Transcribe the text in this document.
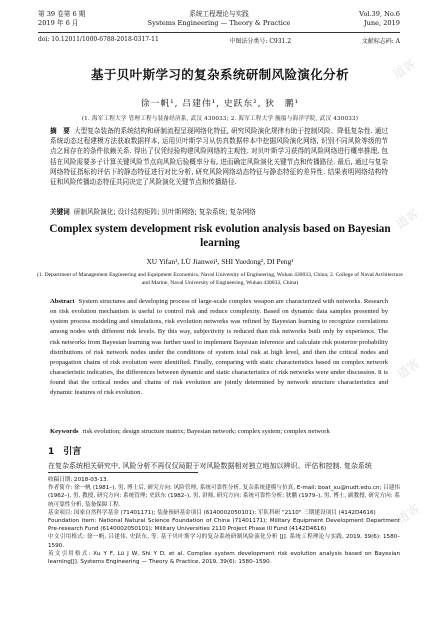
第 39 卷第 6 期	系统工程理论与实践	Vol.39, No.6
2019 年 6 月	Systems Engineering — Theory & Practice	June, 2019
doi: 10.12011/1000-6788-2018-0317-11	中图法分类号: C931.2	文献标志码: A
基于贝叶斯学习的复杂系统研制风险演化分析
徐一帆¹, 吕建伟¹, 史跃东², 狄　鹏¹
(1. 海军工程大学 管理工程与装备经济系, 武汉 430033; 2. 海军工程大学 舰船与海洋学院, 武汉 430033)
摘　要 大型复杂装备的系统结构和研制流程呈现网络化特征, 研究风险演化规律有助于控制风险、降低复杂性. 通过系统动态过程建模方法获取数据样本, 运用贝叶斯学习从仿真数据样本中挖掘风险演化网络, 识别不同风险等级的节点之间存在的条件依赖关系. 得出了仅凭经验构建风险网络的主观性. 对贝叶斯学习获得的风险网络进行概率推理, 包括在风险需要多子计算关键风险节点向风险后验概率分布, 进而确定风险演化关键节点和传播路径. 最后, 通过与复杂网络特征指标的评估下的静态特征进行对比分析, 研究风险网络动态特征与静态特征的差异性. 结果表明网络结构特征和风险传播动态特征共同决定了风险演化关键节点和传播路径.
关键词 研制风险演化; 设计结构矩阵; 贝叶斯网络; 复杂系统; 复杂网络
Complex system development risk evolution analysis based on Bayesian learning
XU Yifan¹, LÜ Jianwei¹, SHI Yuedong², DI Peng¹
(1. Department of Management Engineering and Equipment Economics, Naval University of Engineering, Wuhan 430033, China; 2. College of Naval Architecture and Marine, Naval University of Engineering, Wuhan 430033, China)
Abstract System structures and developing process of large-scale complex weapon are characterized with networks. Research on risk evolution mechanism is useful to control risk and reduce complexity. Based on dynamic data samples presented by system process modeling and simulations, risk evolution networks was refined by Bayesian learning to recognize correlations among nodes with different risk levels. By this way, subjectivity is reduced than risk networks built only by experience. The risk networks from Bayesian learning was further used to implement Bayesian inference and calculate risk posterior probability distributions of risk network nodes under the conditions of system total risk at high level, and then the critical nodes and propagation chains of risk evolution were identified. Finally, comparing with static characteristics based on complex network characteristic indicators, the differences between dynamic and static characteristics of risk networks were under discussion. It is found that the critical nodes and chains of risk evolution are jointly determined by network structure characteristics and dynamic features of risk evolution.
Keywords risk evolution; design structure matrix; Bayesian network; complex system; complex network
1　引言
在复杂系统相关研究中, 风险分析不再仅仅局限于对风险数据相对独立地加以辨识、评估和控制. 复杂系统

收稿日期: 2018-03-13.

作者简介: 徐一帆 (1981–), 男, 博士后, 研究方向: 风险管理, 系统可靠性分析, 复杂系统建模与仿真, E-mail: boat_xu@nudt.edu.cn; 吕建伟 (1962–), 男, 教授, 研究方向: 系统管理; 史跃东 (1982–), 男, 讲师, 研究方向: 系统可靠性分析; 狄鹏 (1979–), 男, 博士, 副教授, 研究方向: 系统可靠性分析, 装备保障工程.

基金项目: 国家自然科学基金 (71401171); 装备预研基金项目 (6140002050101); 军队科研 "2110" 三期建设项目 (4142D4616)

Foundation item: National Natural Science Foundation of China (71401171); Military Equipment Development Department Pre-research Fund (6140002050101); Military Universities 2110 Project Phase III Fund (4142D4616)

中文引用格式: 徐一帆, 吕建伟, 史跃东, 等. 基于贝叶斯学习的复杂系统研制风险演化分析 [J]. 系统工程理论与实践, 2019, 39(6): 1580–1590.

英文引用格式: Xu Y F, Lü J W, Shi Y D, et al. Complex system development risk evolution analysis based on Bayesian learning[J]. Systems Engineering — Theory & Practice, 2019, 39(6): 1580–1590.

道客
道客
道客
道客
